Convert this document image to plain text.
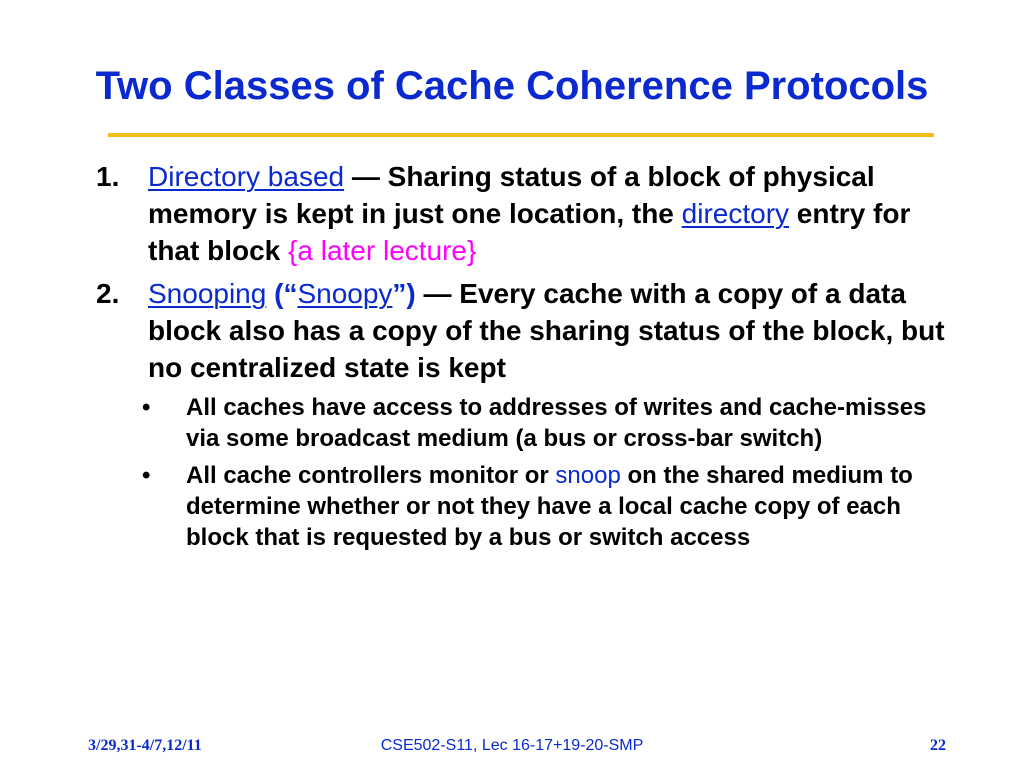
Two Classes of Cache Coherence Protocols
1. Directory based — Sharing status of a block of physical memory is kept in just one location, the directory entry for that block {a later lecture}
2. Snooping (“Snoopy”) — Every cache with a copy of a data block also has a copy of the sharing status of the block, but no centralized state is kept
• All caches have access to addresses of writes and cache-misses via some broadcast medium (a bus or cross-bar switch)
• All cache controllers monitor or snoop on the shared medium to determine whether or not they have a local cache copy of each block that is requested by a bus or switch access
3/29,31-4/7,12/11	CSE502-S11, Lec 16-17+19-20-SMP	22
